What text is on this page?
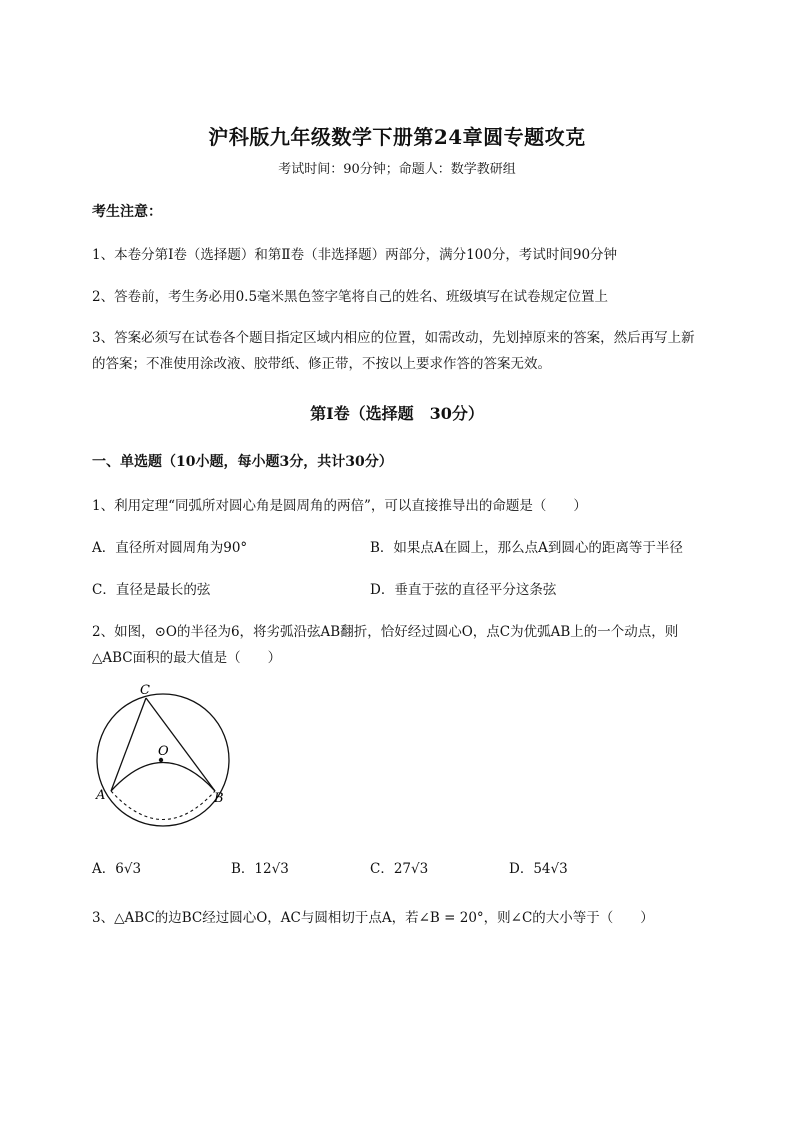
沪科版九年级数学下册第24章圆专题攻克
考试时间：90分钟；命题人：数学教研组
考生注意：
1、本卷分第I卷（选择题）和第Ⅱ卷（非选择题）两部分，满分100分，考试时间90分钟
2、答卷前，考生务必用0.5毫米黑色签字笔将自己的姓名、班级填写在试卷规定位置上
3、答案必须写在试卷各个题目指定区域内相应的位置，如需改动，先划掉原来的答案，然后再写上新
的答案；不准使用涂改液、胶带纸、修正带，不按以上要求作答的答案无效。
第I卷（选择题　30分）
一、单选题（10小题，每小题3分，共计30分）
1、利用定理“同弧所对圆心角是圆周角的两倍”，可以直接推导出的命题是（　　）
A．直径所对圆周角为90°	B．如果点A在圆上，那么点A到圆心的距离等于半径
C．直径是最长的弦	D．垂直于弦的直径平分这条弦
2、如图，⊙O的半径为6，将劣弧沿弦AB翻折，恰好经过圆心O，点C为优弧AB上的一个动点，则
△ABC面积的最大值是（　　）
C
O
A	B
A．6√3	B．12√3	C．27√3	D．54√3
3、△ABC的边BC经过圆心O，AC与圆相切于点A，若∠B = 20°，则∠C的大小等于（　　）
